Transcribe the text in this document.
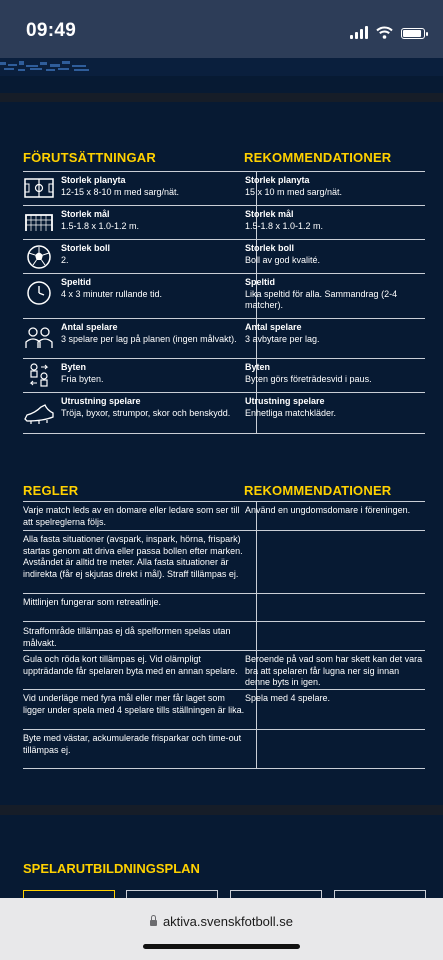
09:49
FÖRUTSÄTTNINGAR	REKOMMENDATIONER
Storlek planyta
12-15 x 8-10 m med sarg/nät.
Storlek planyta
15 x 10 m med sarg/nät.
Storlek mål
1.5-1.8 x 1.0-1.2 m.
Storlek mål
1.5-1.8 x 1.0-1.2 m.
Storlek boll
2.
Storlek boll
Boll av god kvalité.
Speltid
4 x 3 minuter rullande tid.
Speltid
Lika speltid för alla. Sammandrag (2-4 matcher).
Antal spelare
3 spelare per lag på planen (ingen målvakt).
Antal spelare
3 avbytare per lag.
Byten
Fria byten.
Byten
Byten görs företrädesvid i paus.
Utrustning spelare
Tröja, byxor, strumpor, skor och benskydd.
Utrustning spelare
Enhetliga matchkläder.
REGLER	REKOMMENDATIONER
Varje match leds av en domare eller ledare som ser till att spelreglerna följs.
Använd en ungdomsdomare i föreningen.
Alla fasta situationer (avspark, inspark, hörna, frispark) startas genom att driva eller passa bollen efter marken. Avståndet är alltid tre meter. Alla fasta situationer är indirekta (får ej skjutas direkt i mål). Straff tillämpas ej.
Mittlinjen fungerar som retreatlinje.
Straffområde tillämpas ej då spelformen spelas utan målvakt.
Gula och röda kort tillämpas ej. Vid olämpligt uppträdande får spelaren byta med en annan spelare.
Beroende på vad som har skett kan det vara bra att spelaren får lugna ner sig innan denne byts in igen.
Vid underläge med fyra mål eller mer får laget som ligger under spela med 4 spelare tills ställningen är lika.
Spela med 4 spelare.
Byte med västar, ackumulerade frisparkar och time-out tillämpas ej.
SPELARUTBILDNINGSPLAN
aktiva.svenskfotboll.se
